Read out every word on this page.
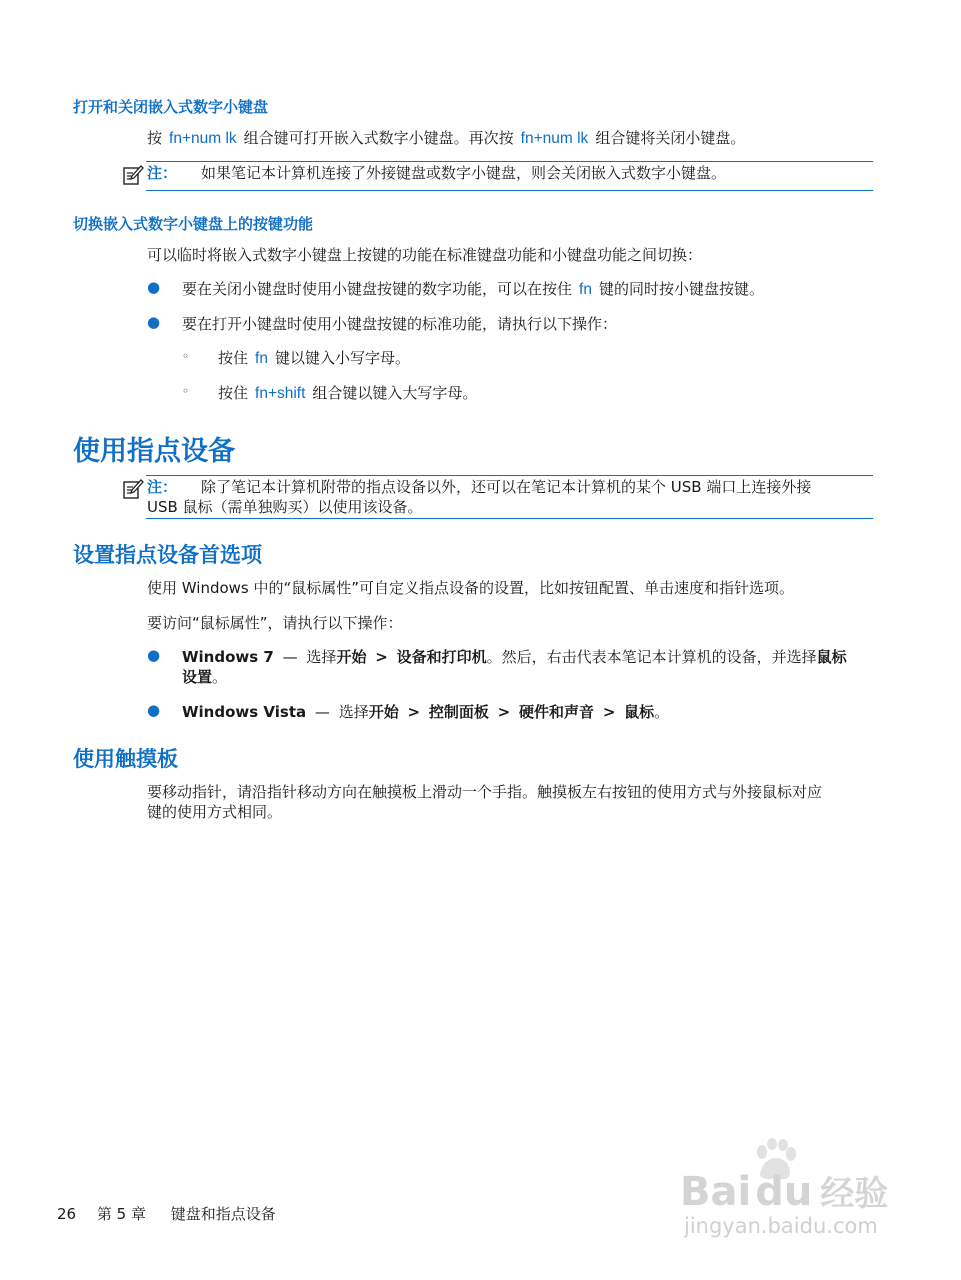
打开和关闭嵌入式数字小键盘
按 fn+num lk 组合键可打开嵌入式数字小键盘。再次按 fn+num lk 组合键将关闭小键盘。
注： 如果笔记本计算机连接了外接键盘或数字小键盘，则会关闭嵌入式数字小键盘。
切换嵌入式数字小键盘上的按键功能
可以临时将嵌入式数字小键盘上按键的功能在标准键盘功能和小键盘功能之间切换：
● 要在关闭小键盘时使用小键盘按键的数字功能，可以在按住 fn 键的同时按小键盘按键。
● 要在打开小键盘时使用小键盘按键的标准功能，请执行以下操作：
◦ 按住 fn 键以键入小写字母。
◦ 按住 fn+shift 组合键以键入大写字母。
使用指点设备
注： 除了笔记本计算机附带的指点设备以外，还可以在笔记本计算机的某个 USB 端口上连接外接
USB 鼠标（需单独购买）以使用该设备。
设置指点设备首选项
使用 Windows 中的“鼠标属性”可自定义指点设备的设置，比如按钮配置、单击速度和指针选项。
要访问“鼠标属性”，请执行以下操作：
● Windows 7 — 选择开始 > 设备和打印机。然后，右击代表本笔记本计算机的设备，并选择鼠标
设置。
● Windows Vista — 选择开始 > 控制面板 > 硬件和声音 > 鼠标。
使用触摸板
要移动指针，请沿指针移动方向在触摸板上滑动一个手指。触摸板左右按钮的使用方式与外接鼠标对应
键的使用方式相同。
26 第 5 章 键盘和指点设备	Bai du 经验
jingyan.baidu.com
